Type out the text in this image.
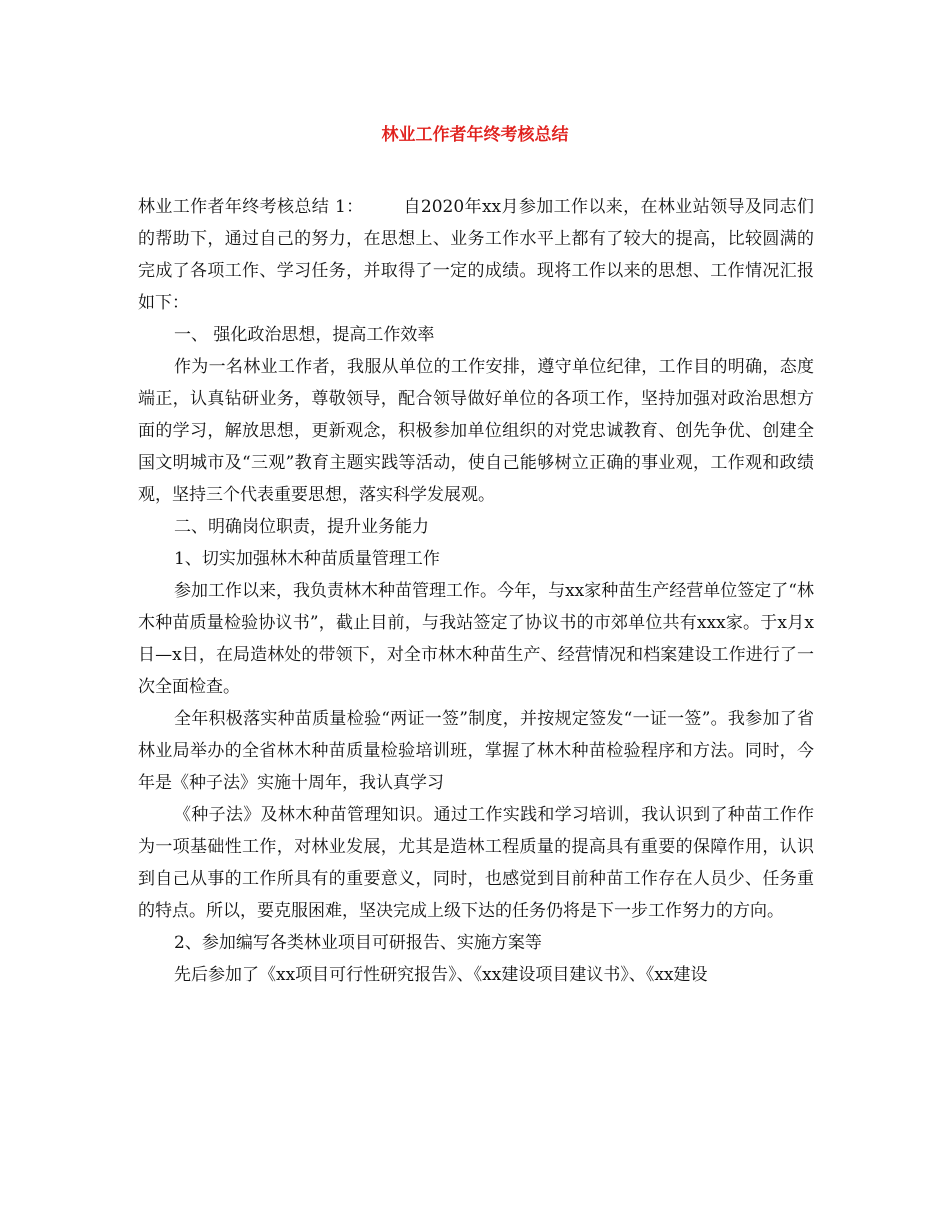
林业工作者年终考核总结

林业工作者年终考核总结 1： 自2020年xx月参加工作以来，在林业站领导及同志们的帮助下，通过自己的努力，在思想上、业务工作水平上都有了较大的提高，比较圆满的完成了各项工作、学习任务，并取得了一定的成绩。现将工作以来的思想、工作情况汇报如下：

一、 强化政治思想，提高工作效率

作为一名林业工作者，我服从单位的工作安排，遵守单位纪律，工作目的明确，态度端正，认真钻研业务，尊敬领导，配合领导做好单位的各项工作，坚持加强对政治思想方面的学习，解放思想，更新观念，积极参加单位组织的对党忠诚教育、创先争优、创建全国文明城市及“三观”教育主题实践等活动，使自己能够树立正确的事业观，工作观和政绩观，坚持三个代表重要思想，落实科学发展观。

二、明确岗位职责，提升业务能力

1、切实加强林木种苗质量管理工作

参加工作以来，我负责林木种苗管理工作。今年，与xx家种苗生产经营单位签定了“林木种苗质量检验协议书”，截止目前，与我站签定了协议书的市郊单位共有xxx家。于x月x日—x日，在局造林处的带领下，对全市林木种苗生产、经营情况和档案建设工作进行了一次全面检查。

全年积极落实种苗质量检验“两证一签”制度，并按规定签发“一证一签”。我参加了省林业局举办的全省林木种苗质量检验培训班，掌握了林木种苗检验程序和方法。同时，今年是《种子法》实施十周年，我认真学习

《种子法》及林木种苗管理知识。通过工作实践和学习培训，我认识到了种苗工作作为一项基础性工作，对林业发展，尤其是造林工程质量的提高具有重要的保障作用，认识到自己从事的工作所具有的重要意义，同时，也感觉到目前种苗工作存在人员少、任务重的特点。所以，要克服困难，坚决完成上级下达的任务仍将是下一步工作努力的方向。

2、参加编写各类林业项目可研报告、实施方案等

先后参加了《xx项目可行性研究报告》、《xx建设项目建议书》、《xx建设
